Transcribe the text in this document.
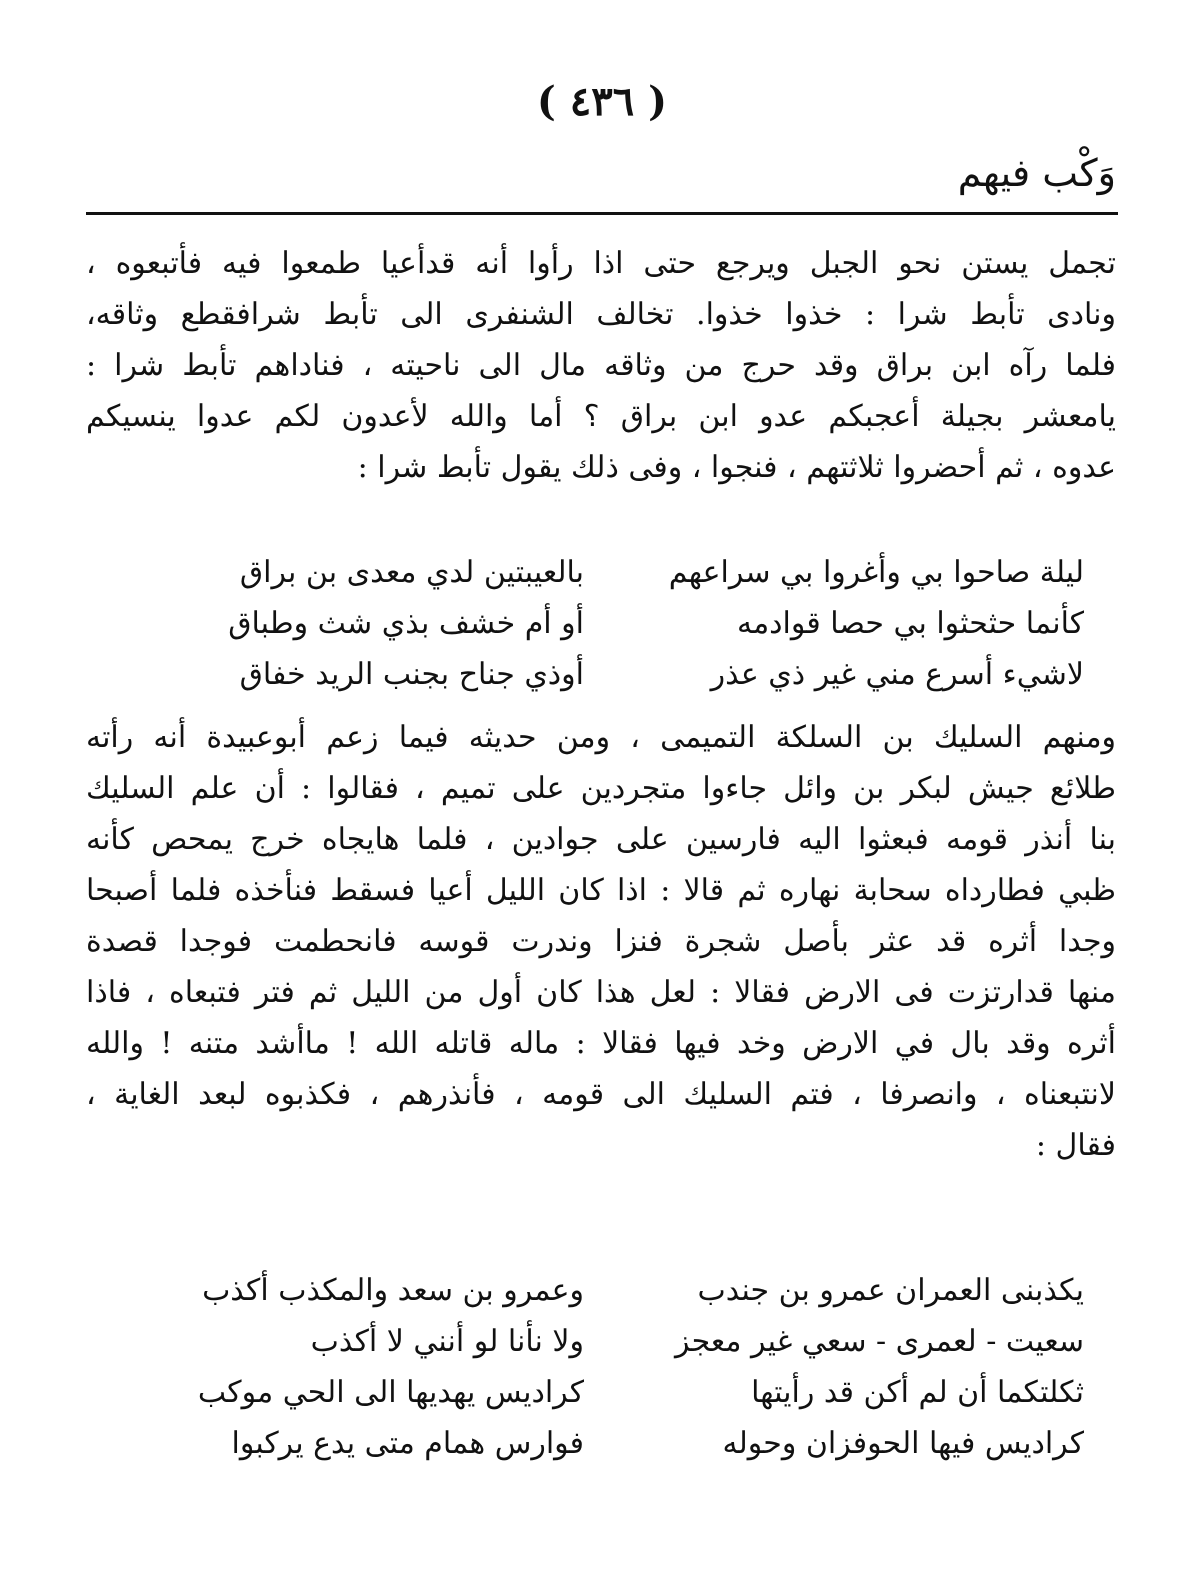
( ٤٣٦ )
وَكْب فيهم
تجمل يستن نحو الجبل ويرجع حتى اذا رأوا أنه قدأعيا طمعوا فيه فأتبعوه ،
ونادى تأبط شرا : خذوا خذوا. تخالف الشنفرى الى تأبط شرافقطع وثاقه،
فلما رآه ابن براق وقد حرج من وثاقه مال الى ناحيته ، فناداهم تأبط شرا :
يامعشر بجيلة أعجبكم عدو ابن براق ؟ أما والله لأعدون لكم عدوا ينسيكم
عدوه ، ثم أحضروا ثلاثتهم ، فنجوا ، وفى ذلك يقول تأبط شرا :
ليلة صاحوا بي وأغروا بي سراعهم
بالعيبتين لدي معدى بن براق
كأنما حثحثوا بي حصا قوادمه
أو أم خشف بذي شث وطباق
لاشيء أسرع مني غير ذي عذر
أوذي جناح بجنب الريد خفاق
ومنهم السليك بن السلكة التميمى ، ومن حديثه فيما زعم أبوعبيدة أنه رأته
طلائع جيش لبكر بن وائل جاءوا متجردين على تميم ، فقالوا : أن علم السليك
بنا أنذر قومه فبعثوا اليه فارسين على جوادين ، فلما هايجاه خرج يمحص كأنه
ظبي فطارداه سحابة نهاره ثم قالا : اذا كان الليل أعيا فسقط فنأخذه فلما أصبحا
وجدا أثره قد عثر بأصل شجرة فنزا وندرت قوسه فانحطمت فوجدا قصدة
منها قدارتزت فى الارض فقالا : لعل هذا كان أول من الليل ثم فتر فتبعاه ، فاذا
أثره وقد بال في الارض وخد فيها فقالا : ماله قاتله الله ! ماأشد متنه ! والله
لانتبعناه ، وانصرفا ، فتم السليك الى قومه ، فأنذرهم ، فكذبوه لبعد الغاية ،
فقال :
يكذبنى العمران عمرو بن جندب
وعمرو بن سعد والمكذب أكذب
سعيت - لعمرى - سعي غير معجز
ولا نأنا لو أنني لا أكذب
ثكلتكما أن لم أكن قد رأيتها
كراديس يهديها الى الحي موكب
كراديس فيها الحوفزان وحوله
فوارس همام متى يدع يركبوا
